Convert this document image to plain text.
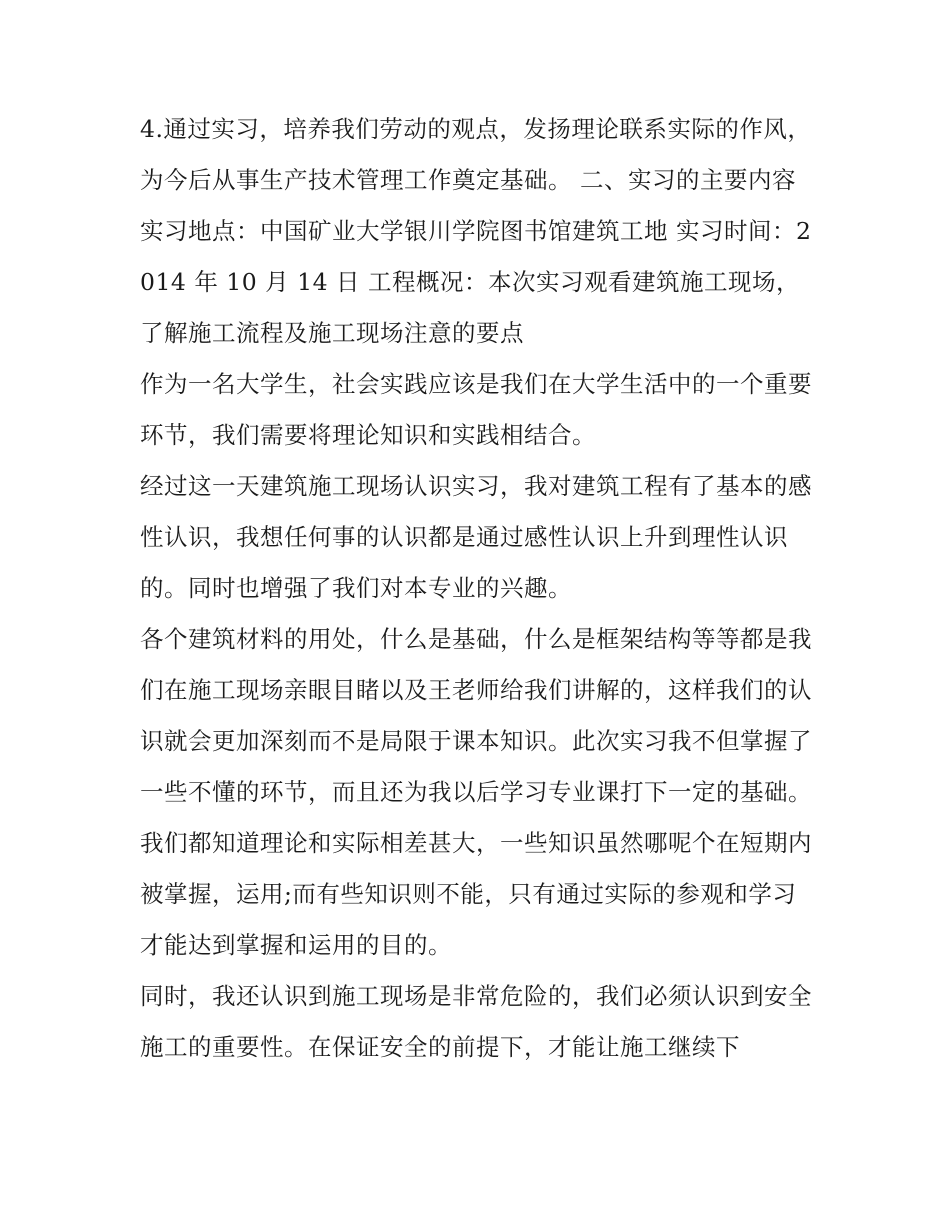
4.通过实习，培养我们劳动的观点，发扬理论联系实际的作风，为今后从事生产技术管理工作奠定基础。 二、实习的主要内容

实习地点：中国矿业大学银川学院图书馆建筑工地 实习时间：2014 年 10 月 14 日 工程概况：本次实习观看建筑施工现场，了解施工流程及施工现场注意的要点

作为一名大学生，社会实践应该是我们在大学生活中的一个重要环节，我们需要将理论知识和实践相结合。

经过这一天建筑施工现场认识实习，我对建筑工程有了基本的感性认识，我想任何事的认识都是通过感性认识上升到理性认识的。同时也增强了我们对本专业的兴趣。

各个建筑材料的用处，什么是基础，什么是框架结构等等都是我们在施工现场亲眼目睹以及王老师给我们讲解的，这样我们的认识就会更加深刻而不是局限于课本知识。此次实习我不但掌握了一些不懂的环节，而且还为我以后学习专业课打下一定的基础。我们都知道理论和实际相差甚大，一些知识虽然哪呢个在短期内被掌握，运用;而有些知识则不能，只有通过实际的参观和学习才能达到掌握和运用的目的。

同时，我还认识到施工现场是非常危险的，我们必须认识到安全施工的重要性。在保证安全的前提下，才能让施工继续下
